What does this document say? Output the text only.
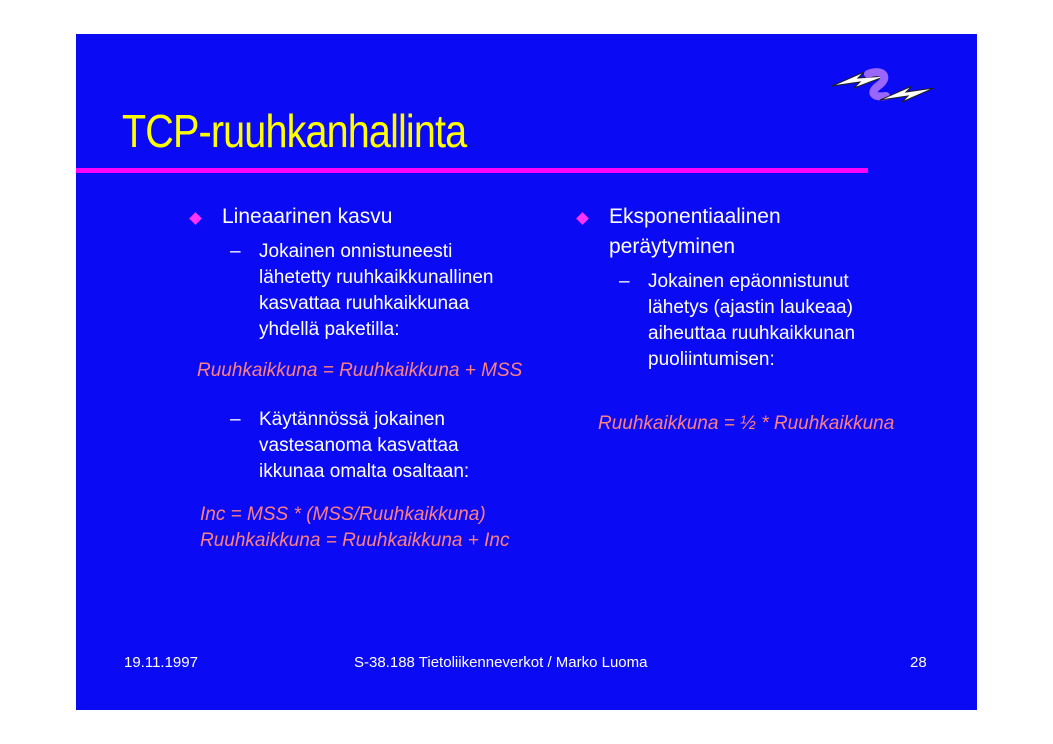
TCP-ruuhkanhallinta
Lineaarinen kasvu
– Jokainen onnistuneesti
lähetetty ruuhkaikkunallinen
kasvattaa ruuhkaikkunaa
yhdellä paketilla:
Ruuhkaikkuna = Ruuhkaikkuna + MSS
– Käytännössä jokainen
vastesanoma kasvattaa
ikkunaa omalta osaltaan:
Inc = MSS * (MSS/Ruuhkaikkuna)
Ruuhkaikkuna = Ruuhkaikkuna + Inc
Eksponentiaalinen
peräytyminen
– Jokainen epäonnistunut
lähetys (ajastin laukeaa)
aiheuttaa ruuhkaikkunan
puoliintumisen:
Ruuhkaikkuna = ½ * Ruuhkaikkuna
19.11.1997	S-38.188 Tietoliikenneverkot / Marko Luoma	28
